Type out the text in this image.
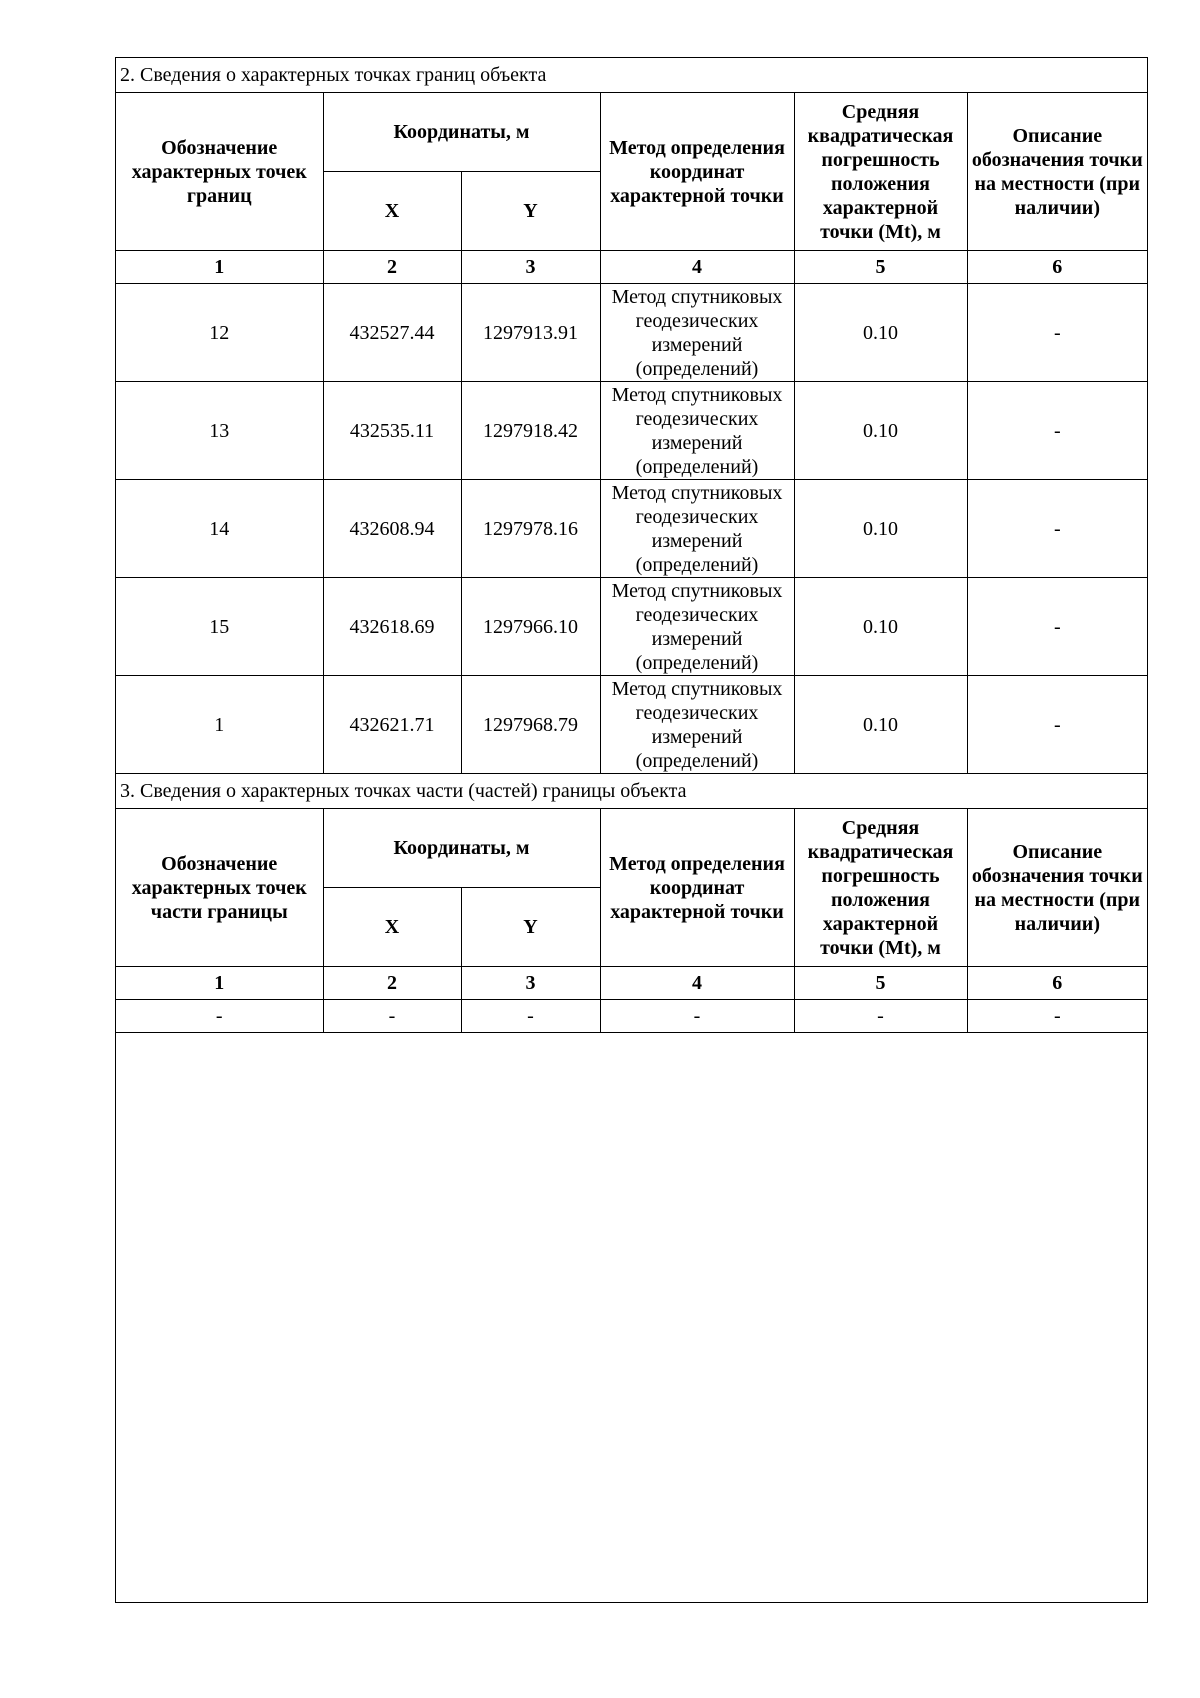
2. Сведения о характерных точках границ объекта					
Обозначение характерных точек границ	Координаты, м		Метод определения координат характерной точки	Средняя квадратическая погрешность положения характерной точки (Mt), м	Описание обозначения точки на местности (при наличии)
	X	Y			
1	2	3	4	5	6
12	432527.44	1297913.91	Метод спутниковых геодезических измерений (определений)	0.10	-
13	432535.11	1297918.42	Метод спутниковых геодезических измерений (определений)	0.10	-
14	432608.94	1297978.16	Метод спутниковых геодезических измерений (определений)	0.10	-
15	432618.69	1297966.10	Метод спутниковых геодезических измерений (определений)	0.10	-
1	432621.71	1297968.79	Метод спутниковых геодезических измерений (определений)	0.10	-
3. Сведения о характерных точках части (частей) границы объекта					
Обозначение характерных точек части границы	Координаты, м		Метод определения координат характерной точки	Средняя квадратическая погрешность положения характерной точки (Mt), м	Описание обозначения точки на местности (при наличии)
	X	Y			
1	2	3	4	5	6
-	-	-	-	-	-
